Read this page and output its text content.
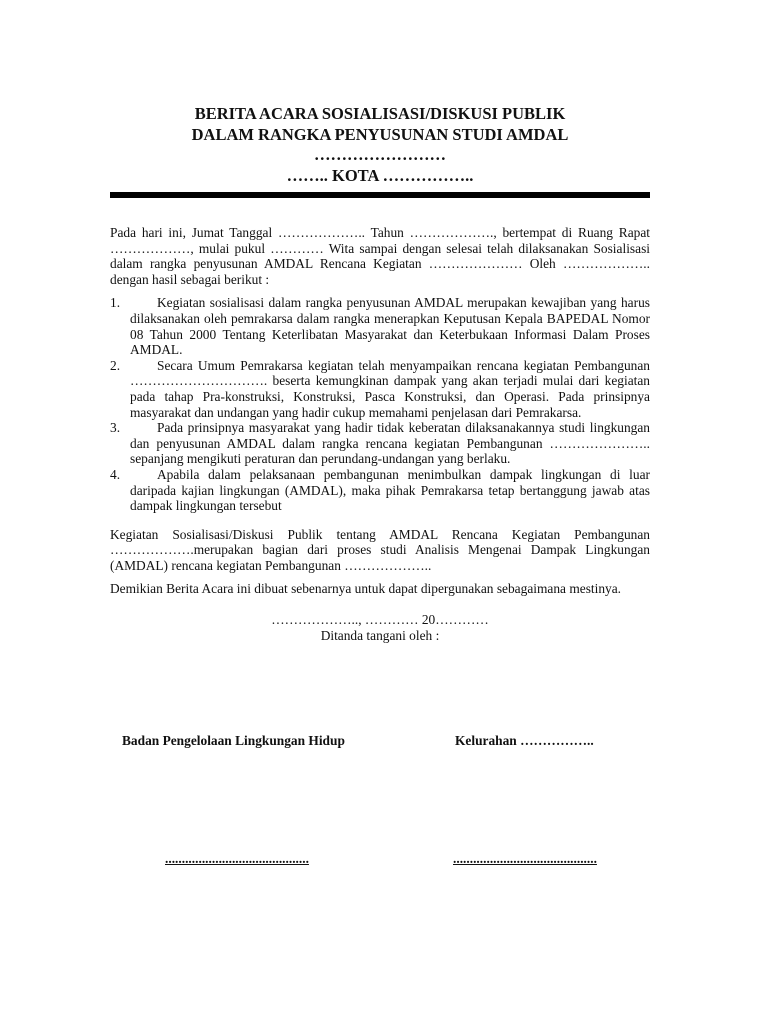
BERITA ACARA SOSIALISASI/DISKUSI PUBLIK
DALAM RANGKA PENYUSUNAN STUDI AMDAL
……………………
…….. KOTA ……………..

Pada hari ini, Jumat Tanggal ……………….. Tahun ………………., bertempat di Ruang Rapat ………………, mulai pukul ………… Wita sampai dengan selesai telah dilaksanakan Sosialisasi dalam rangka penyusunan AMDAL Rencana Kegiatan ………………… Oleh ……………….. dengan hasil sebagai berikut :

1.	Kegiatan sosialisasi dalam rangka penyusunan AMDAL merupakan kewajiban yang harus dilaksanakan oleh pemrakarsa dalam rangka menerapkan Keputusan Kepala BAPEDAL Nomor 08 Tahun 2000 Tentang Keterlibatan Masyarakat dan Keterbukaan Informasi Dalam Proses AMDAL.
2.	Secara Umum Pemrakarsa kegiatan telah menyampaikan rencana kegiatan Pembangunan …………………………. beserta kemungkinan dampak yang akan terjadi mulai dari kegiatan pada tahap Pra-konstruksi, Konstruksi, Pasca Konstruksi, dan Operasi. Pada prinsipnya masyarakat dan undangan yang hadir cukup memahami penjelasan dari Pemrakarsa.
3.	Pada prinsipnya masyarakat yang hadir tidak keberatan dilaksanakannya studi lingkungan dan penyusunan AMDAL dalam rangka rencana kegiatan Pembangunan ………………….. sepanjang mengikuti peraturan dan perundang-undangan yang berlaku.
4.	Apabila dalam pelaksanaan pembangunan menimbulkan dampak lingkungan di luar daripada kajian lingkungan (AMDAL), maka pihak Pemrakarsa tetap bertanggung jawab atas dampak lingkungan tersebut

Kegiatan Sosialisasi/Diskusi Publik tentang AMDAL Rencana Kegiatan Pembangunan ……………….merupakan bagian dari proses studi Analisis Mengenai Dampak Lingkungan (AMDAL) rencana kegiatan Pembangunan ………………..

Demikian Berita Acara ini dibuat sebenarnya untuk dapat dipergunakan sebagaimana mestinya.

……………….., ………… 20…………
Ditanda tangani oleh :
Badan Pengelolaan Lingkungan Hidup	Kelurahan ……………..
...........................................	...........................................
